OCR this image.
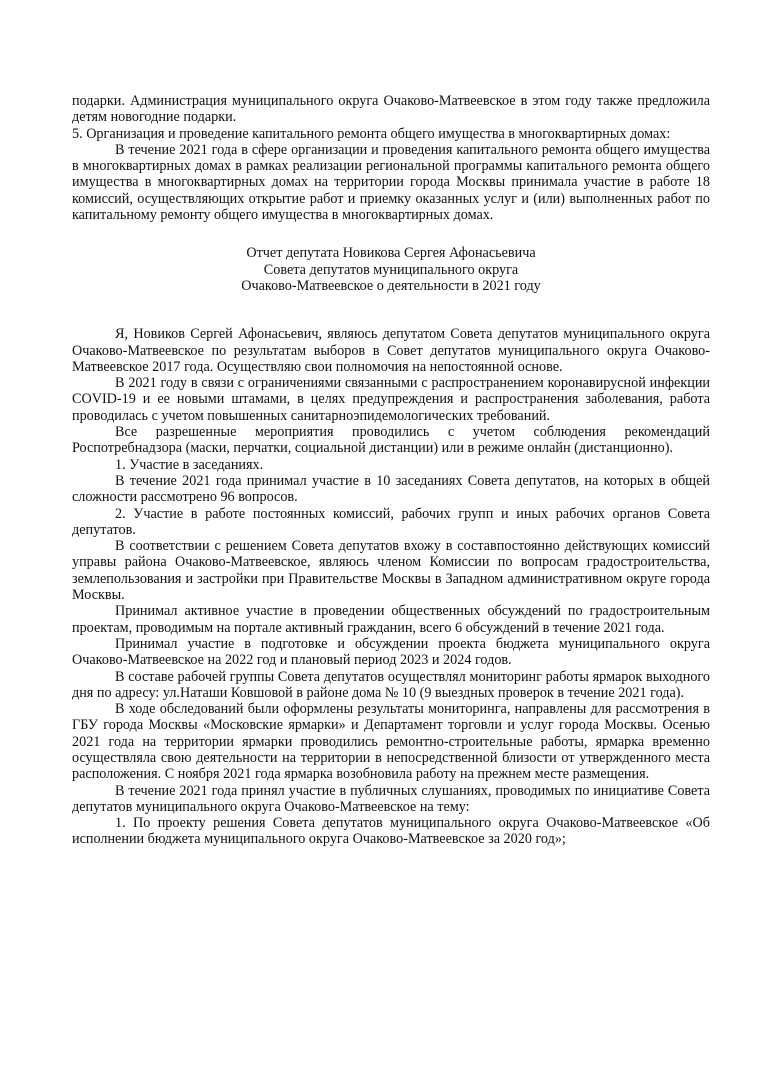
подарки. Администрация муниципального округа Очаково-Матвеевское в этом году также предложила детям новогодние подарки.

5. Организация и проведение капитального ремонта общего имущества в многоквартирных домах:

В течение 2021 года в сфере организации и проведения капитального ремонта общего имущества в многоквартирных домах в рамках реализации региональной программы капитального ремонта общего имущества в многоквартирных домах на территории города Москвы принимала участие в работе 18 комиссий, осуществляющих открытие работ и приемку оказанных услуг и (или) выполненных работ по капитальному ремонту общего имущества в многоквартирных домах.

Отчет депутата Новикова Сергея Афонасьевича

Совета депутатов муниципального округа

Очаково-Матвеевское о деятельности в 2021 году

Я, Новиков Сергей Афонасьевич, являюсь депутатом Совета депутатов муниципального округа Очаково-Матвеевское по результатам выборов в Совет депутатов муниципального округа Очаково-Матвеевское 2017 года. Осуществляю свои полномочия на непостоянной основе.

В 2021 году в связи с ограничениями связанными с распространением коронавирусной инфекции COVID-19 и ее новыми штамами, в целях предупреждения и распространения заболевания, работа проводилась с учетом повышенных санитарноэпидемологических требований.

Все разрешенные мероприятия проводились с учетом соблюдения рекомендаций Роспотребнадзора (маски, перчатки, социальной дистанции) или в режиме онлайн (дистанционно).

1. Участие в заседаниях.

В течение 2021 года принимал участие в 10 заседаниях Совета депутатов, на которых в общей сложности рассмотрено 96 вопросов.

2. Участие в работе постоянных комиссий, рабочих групп и иных рабочих органов Совета депутатов.

В соответствии с решением Совета депутатов вхожу в составпостоянно действующих комиссий управы района Очаково-Матвеевское, являюсь членом Комиссии по вопросам градостроительства, землепользования и застройки при Правительстве Москвы в Западном административном округе города Москвы.

Принимал активное участие в проведении общественных обсуждений по градостроительным проектам, проводимым на портале активный гражданин, всего 6 обсуждений в течение 2021 года.

Принимал участие в подготовке и обсуждении проекта бюджета муниципального округа Очаково-Матвеевское на 2022 год и плановый период 2023 и 2024 годов.

В составе рабочей группы Совета депутатов осуществлял мониторинг работы ярмарок выходного дня по адресу: ул.Наташи Ковшовой в районе дома № 10 (9 выездных проверок в течение 2021 года).

В ходе обследований были оформлены результаты мониторинга, направлены для рассмотрения в ГБУ города Москвы «Московские ярмарки» и Департамент торговли и услуг города Москвы. Осенью 2021 года на территории ярмарки проводились ремонтно-строительные работы, ярмарка временно осуществляла свою деятельности на территории в непосредственной близости от утвержденного места расположения. С ноября 2021 года ярмарка возобновила работу на прежнем месте размещения.

В течение 2021 года принял участие в публичных слушаниях, проводимых по инициативе Совета депутатов муниципального округа Очаково-Матвеевское на тему:

1. По проекту решения Совета депутатов муниципального округа Очаково-Матвеевское «Об исполнении бюджета муниципального округа Очаково-Матвеевское за 2020 год»;
